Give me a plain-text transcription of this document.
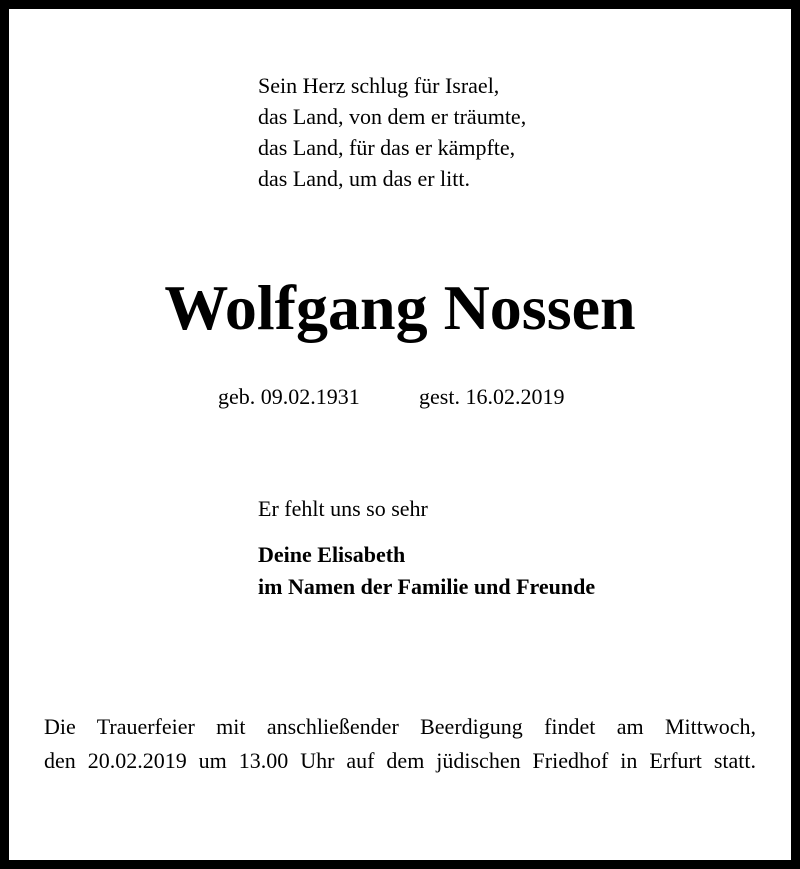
Sein Herz schlug für Israel,
das Land, von dem er träumte,
das Land, für das er kämpfte,
das Land, um das er litt.
Wolfgang Nossen
geb. 09.02.1931	gest. 16.02.2019
Er fehlt uns so sehr
Deine Elisabeth
im Namen der Familie und Freunde
Die Trauerfeier mit anschließender Beerdigung findet am Mittwoch,
den 20.02.2019 um 13.00 Uhr auf dem jüdischen Friedhof in Erfurt statt.
